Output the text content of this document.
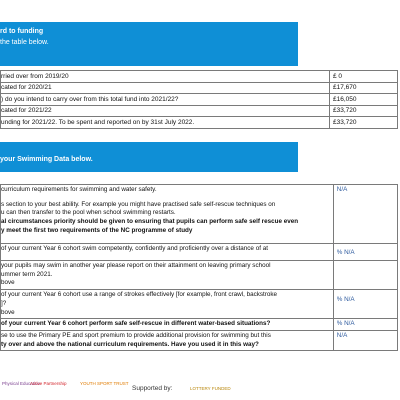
rd to funding
the table below.
rried over from 2019/20	£ 0
cated for 2020/21	£17,670
) do you intend to carry over from this total fund into 2021/22?	£16,050
cated for 2021/22	£33,720
unding for 2021/22. To be spent and reported on by 31st July 2022.	£33,720
your Swimming Data below.
curriculum requirements for swimming and water safety.
s section to your best ability. For example you might have practised safe self-rescue techniques on
u can then transfer to the pool when school swimming restarts.
al circumstances priority should be given to ensuring that pupils can perform safe self rescue even
y meet the first two requirements of the NC programme of study	N/A

of your current Year 6 cohort swim competently, confidently and proficiently over a distance of at	% N/A

your pupils may swim in another year please report on their attainment on leaving primary school
ummer term 2021.
bove	

of your current Year 6 cohort use a range of strokes effectively [for example, front crawl, backstroke
]?
bove	% N/A

of your current Year 6 cohort perform safe self-rescue in different water-based situations?	% N/A

se to use the Primary PE and sport premium to provide additional provision for swimming but this
ty over and above the national curriculum requirements. Have you used it in this way?	N/A
Physical Education
Active Partnership	YOUTH SPORT TRUST
Supported by:	LOTTERY FUNDED
